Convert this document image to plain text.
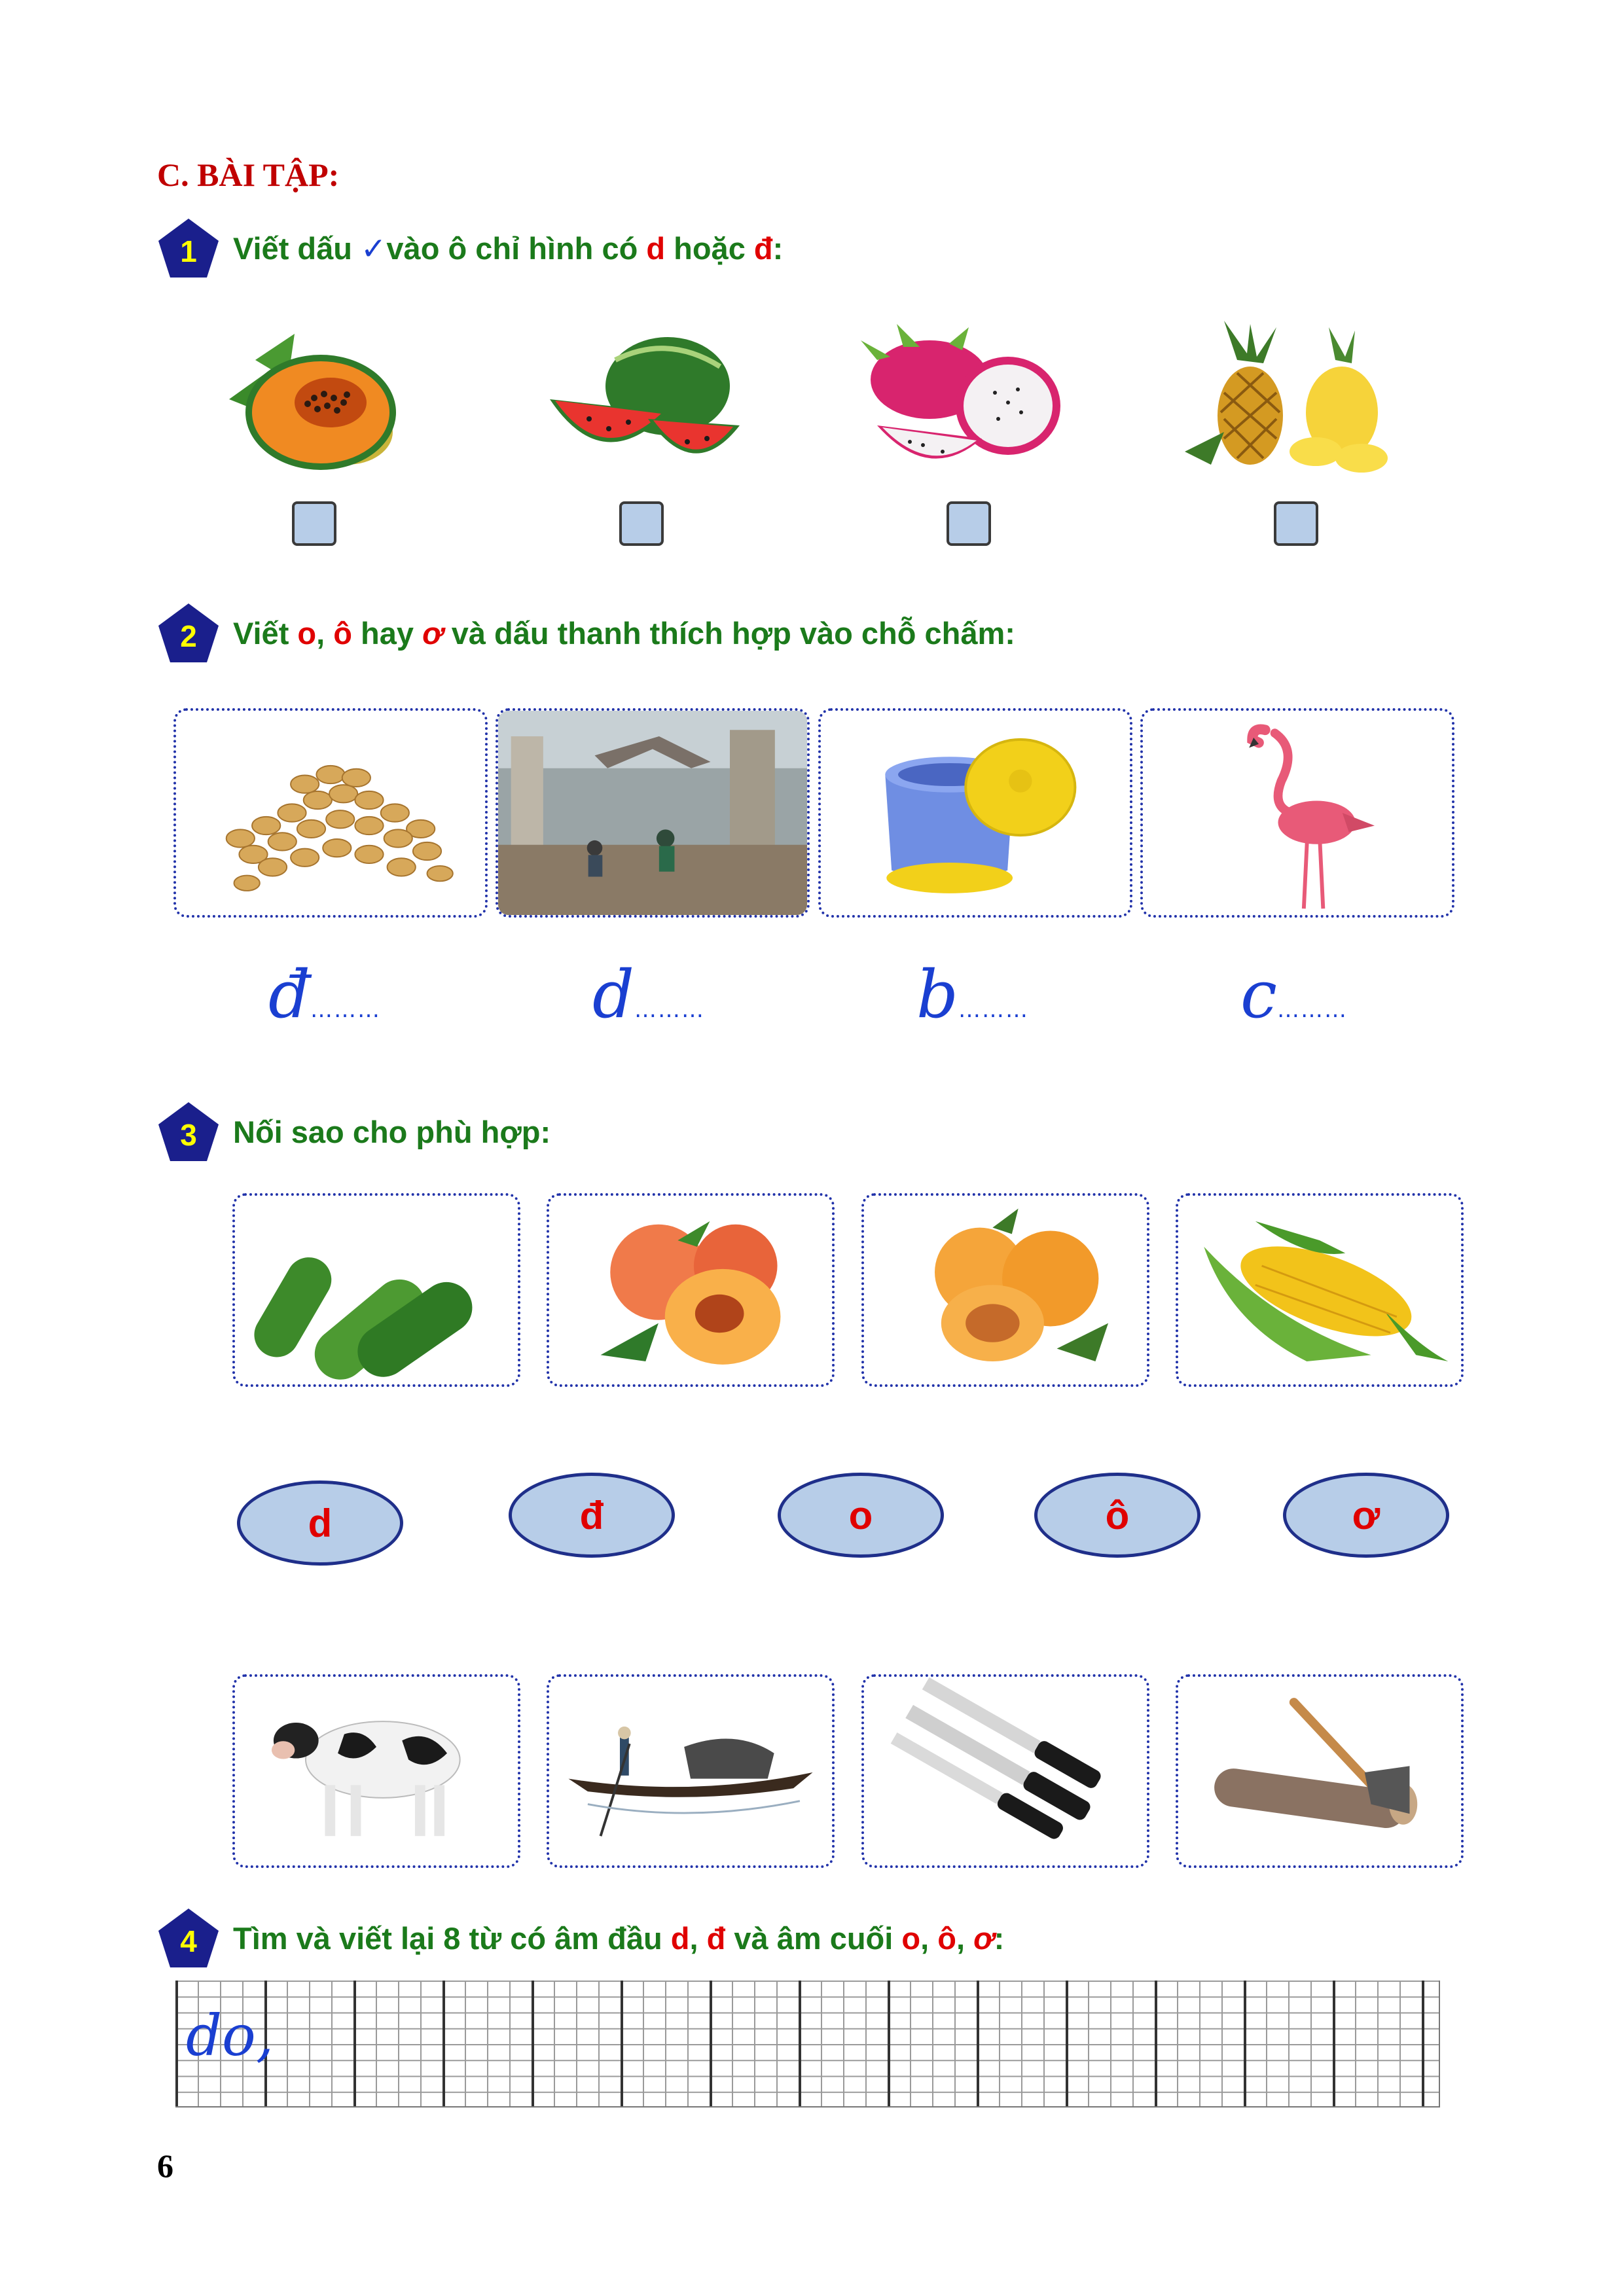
C. BÀI TẬP:
1	Viết dấu ✓vào ô chỉ hình có d hoặc đ:
2	Viết o, ô hay ơ và dấu thanh thích hợp vào chỗ chấm:
đ………	d………	b………	c………
3	Nối sao cho phù hợp:
d	đ	o	ô	ơ
4	Tìm và viết lại 8 từ có âm đầu d, đ và âm cuối o, ô, ơ:
do,
6
